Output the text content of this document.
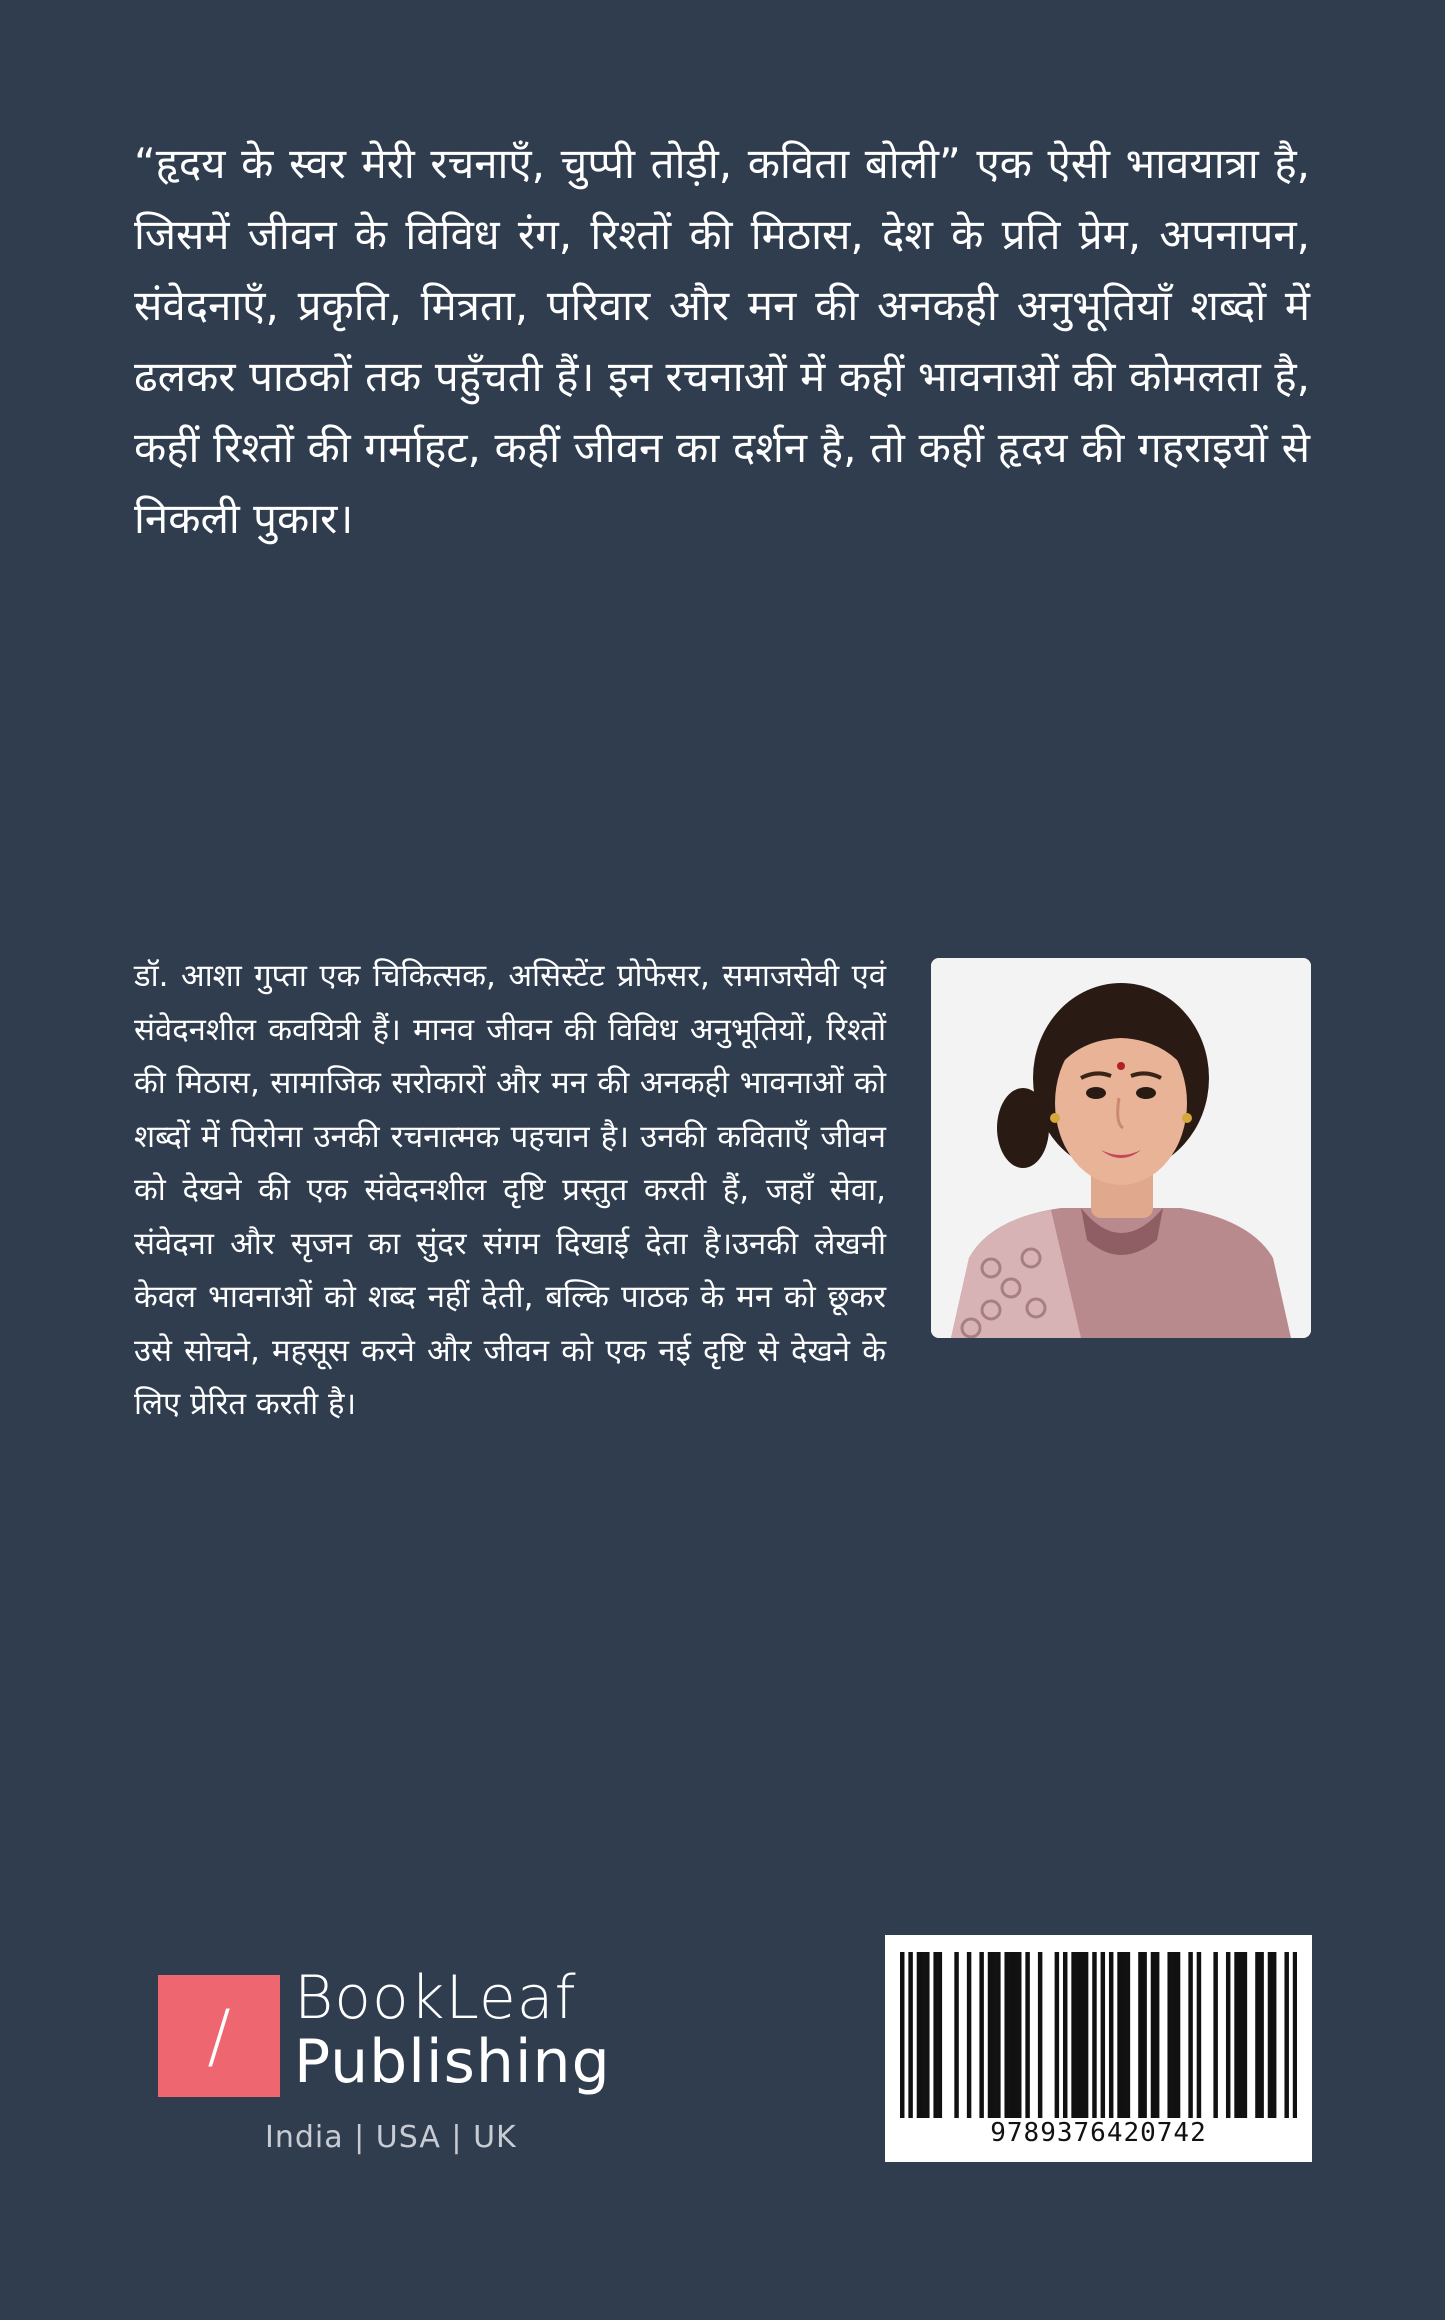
“हृदय के स्वर मेरी रचनाएँ, चुप्पी तोड़ी, कविता बोली” एक ऐसी भावयात्रा है, जिसमें जीवन के विविध रंग, रिश्तों की मिठास, देश के प्रति प्रेम, अपनापन, संवेदनाएँ, प्रकृति, मित्रता, परिवार और मन की अनकही अनुभूतियाँ शब्दों में ढलकर पाठकों तक पहुँचती हैं। इन रचनाओं में कहीं भावनाओं की कोमलता है, कहीं रिश्तों की गर्माहट, कहीं जीवन का दर्शन है, तो कहीं हृदय की गहराइयों से निकली पुकार।

डॉ. आशा गुप्ता एक चिकित्सक, असिस्टेंट प्रोफेसर, समाजसेवी एवं संवेदनशील कवयित्री हैं। मानव जीवन की विविध अनुभूतियों, रिश्तों की मिठास, सामाजिक सरोकारों और मन की अनकही भावनाओं को शब्दों में पिरोना उनकी रचनात्मक पहचान है। उनकी कविताएँ जीवन को देखने की एक संवेदनशील दृष्टि प्रस्तुत करती हैं, जहाँ सेवा, संवेदना और सृजन का सुंदर संगम दिखाई देता है।उनकी लेखनी केवल भावनाओं को शब्द नहीं देती, बल्कि पाठक के मन को छूकर उसे सोचने, महसूस करने और जीवन को एक नई दृष्टि से देखने के लिए प्रेरित करती है।

/	BookLeaf
Publishing
India | USA | UK	9789376420742
